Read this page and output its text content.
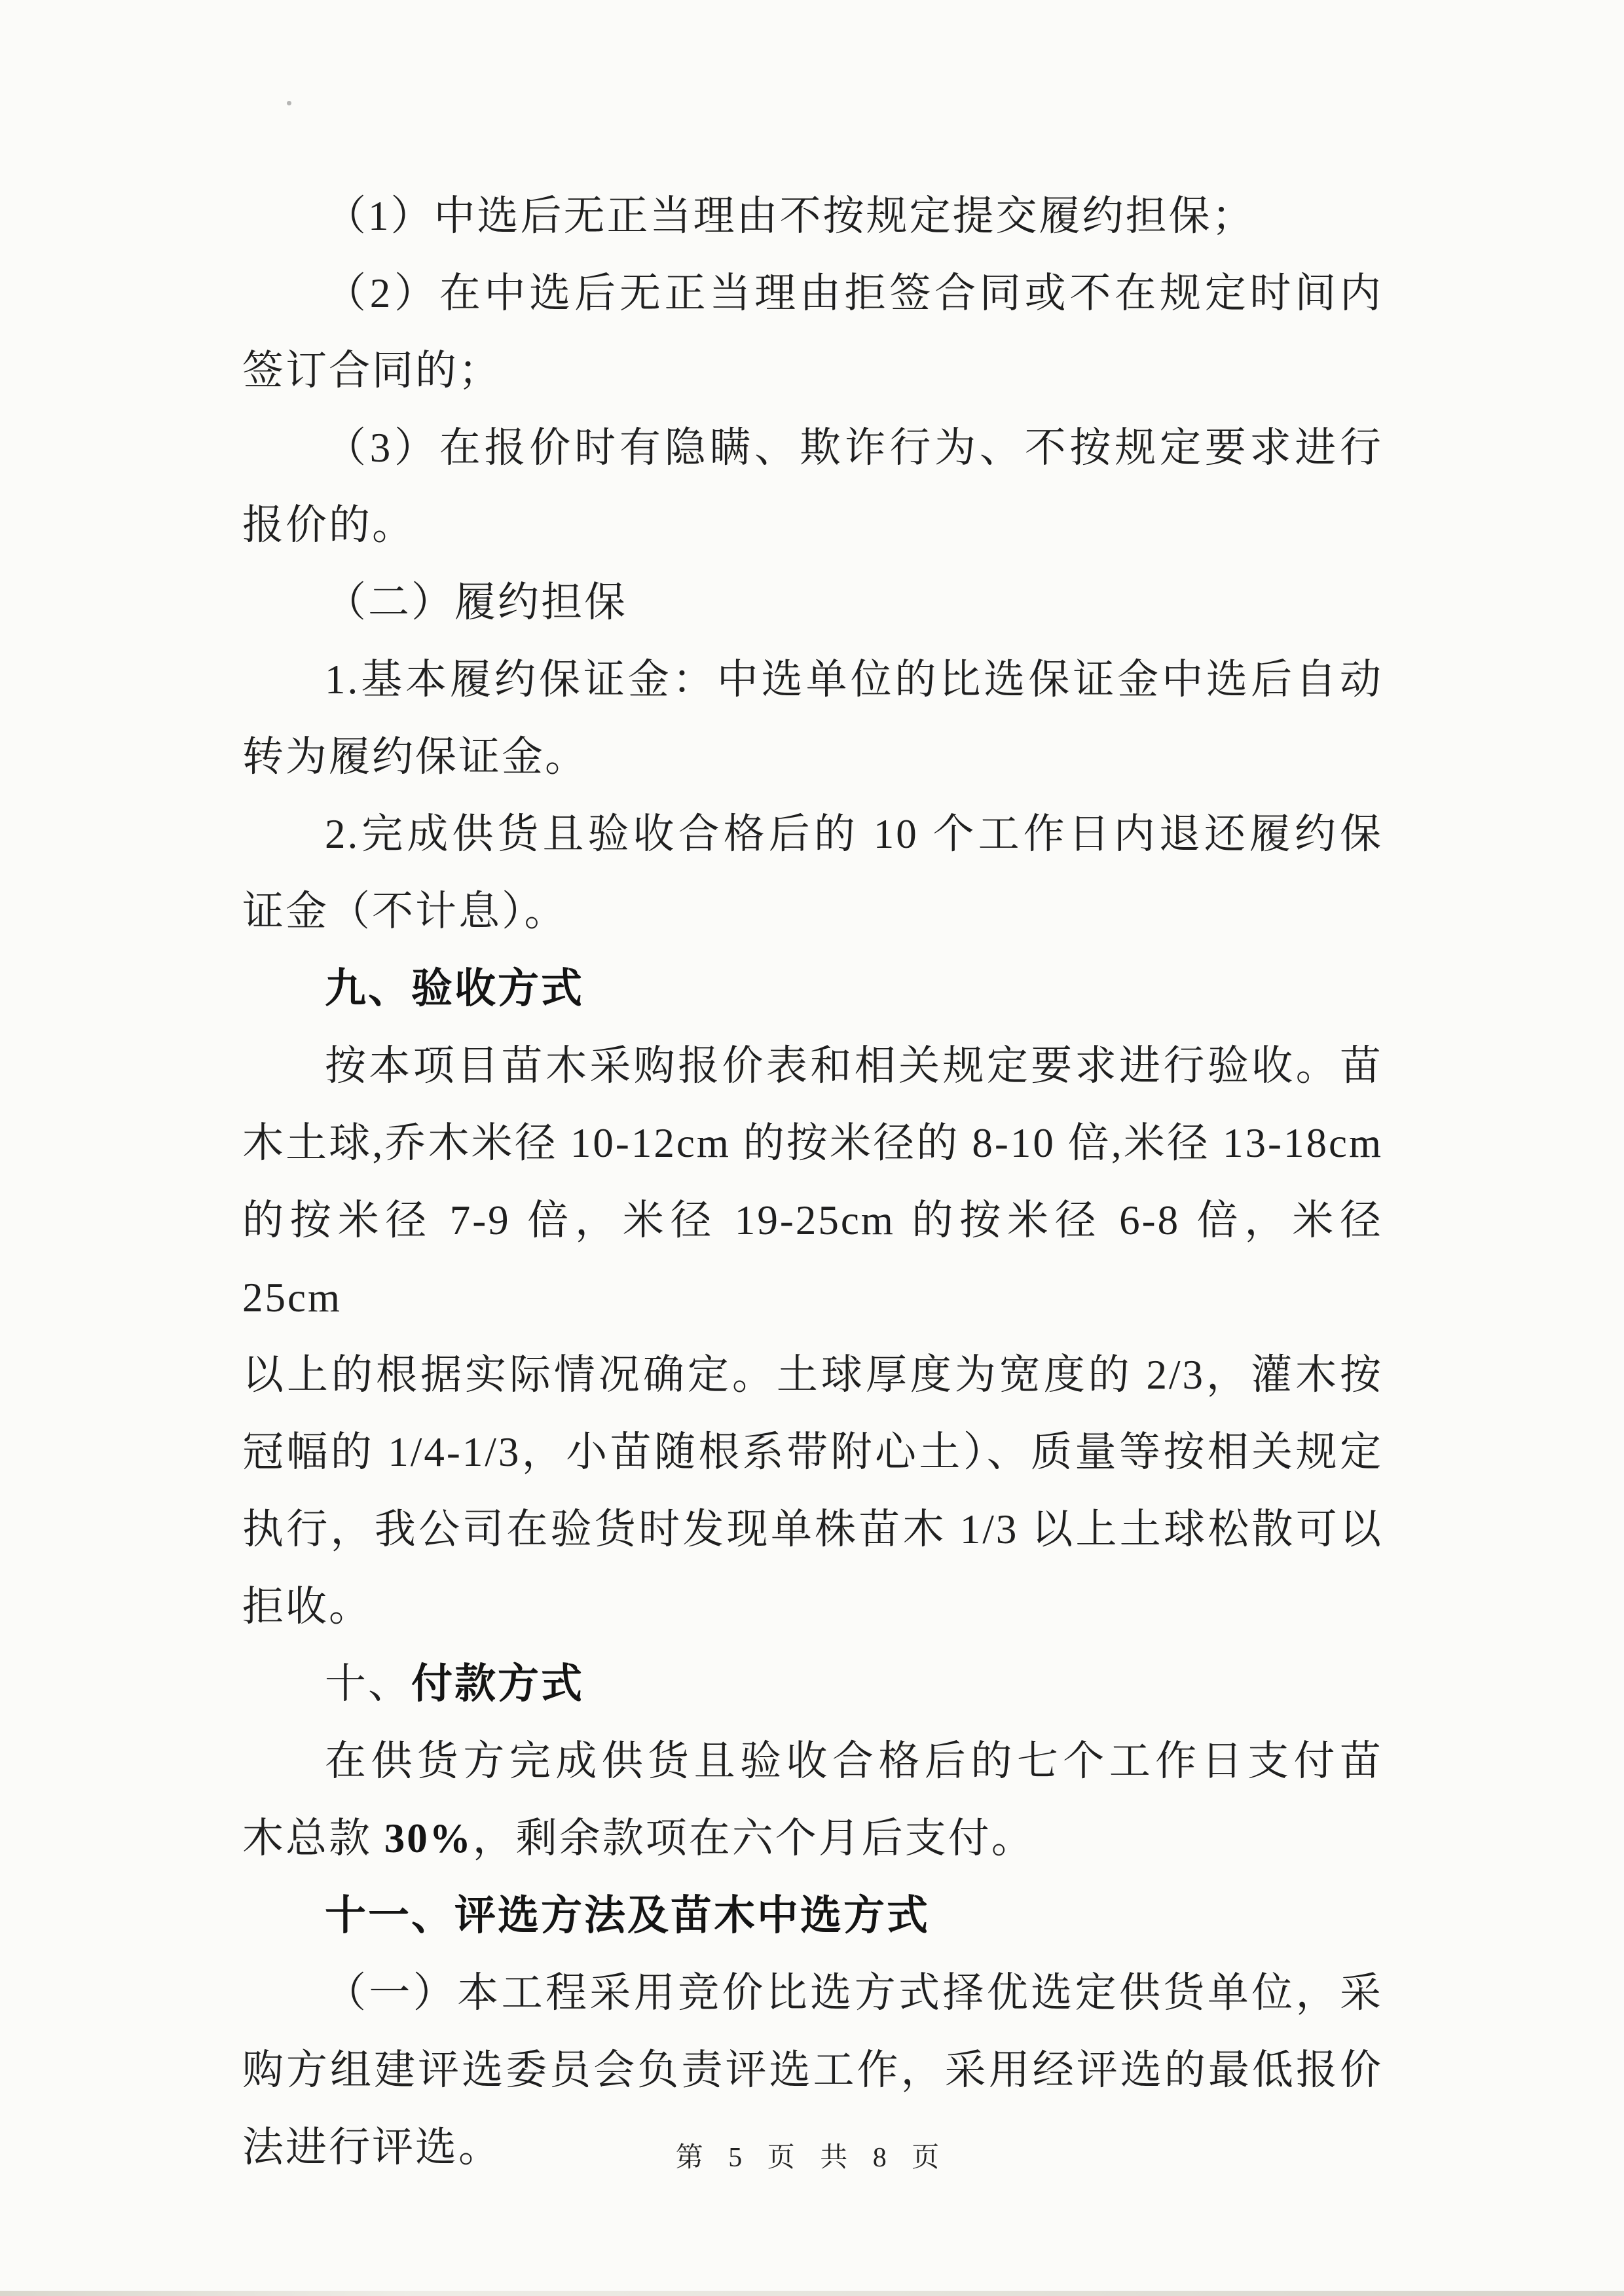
（1）中选后无正当理由不按规定提交履约担保；

（2）在中选后无正当理由拒签合同或不在规定时间内

签订合同的；

（3）在报价时有隐瞒、欺诈行为、不按规定要求进行

报价的。

（二）履约担保

1.基本履约保证金：中选单位的比选保证金中选后自动

转为履约保证金。

2.完成供货且验收合格后的 10 个工作日内退还履约保

证金（不计息）。

九、验收方式

按本项目苗木采购报价表和相关规定要求进行验收。苗

木土球,乔木米径 10-12cm 的按米径的 8-10 倍,米径 13-18cm

的按米径 7-9 倍，米径 19-25cm 的按米径 6-8 倍，米径 25cm

以上的根据实际情况确定。土球厚度为宽度的 2/3，灌木按

冠幅的 1/4-1/3，小苗随根系带附心土）、质量等按相关规定

执行，我公司在验货时发现单株苗木 1/3 以上土球松散可以

拒收。

十、付款方式

在供货方完成供货且验收合格后的七个工作日支付苗

木总款 30%，剩余款项在六个月后支付。

十一、评选方法及苗木中选方式

（一）本工程采用竞价比选方式择优选定供货单位，采

购方组建评选委员会负责评选工作，采用经评选的最低报价

法进行评选。	第 5 页 共 8 页
